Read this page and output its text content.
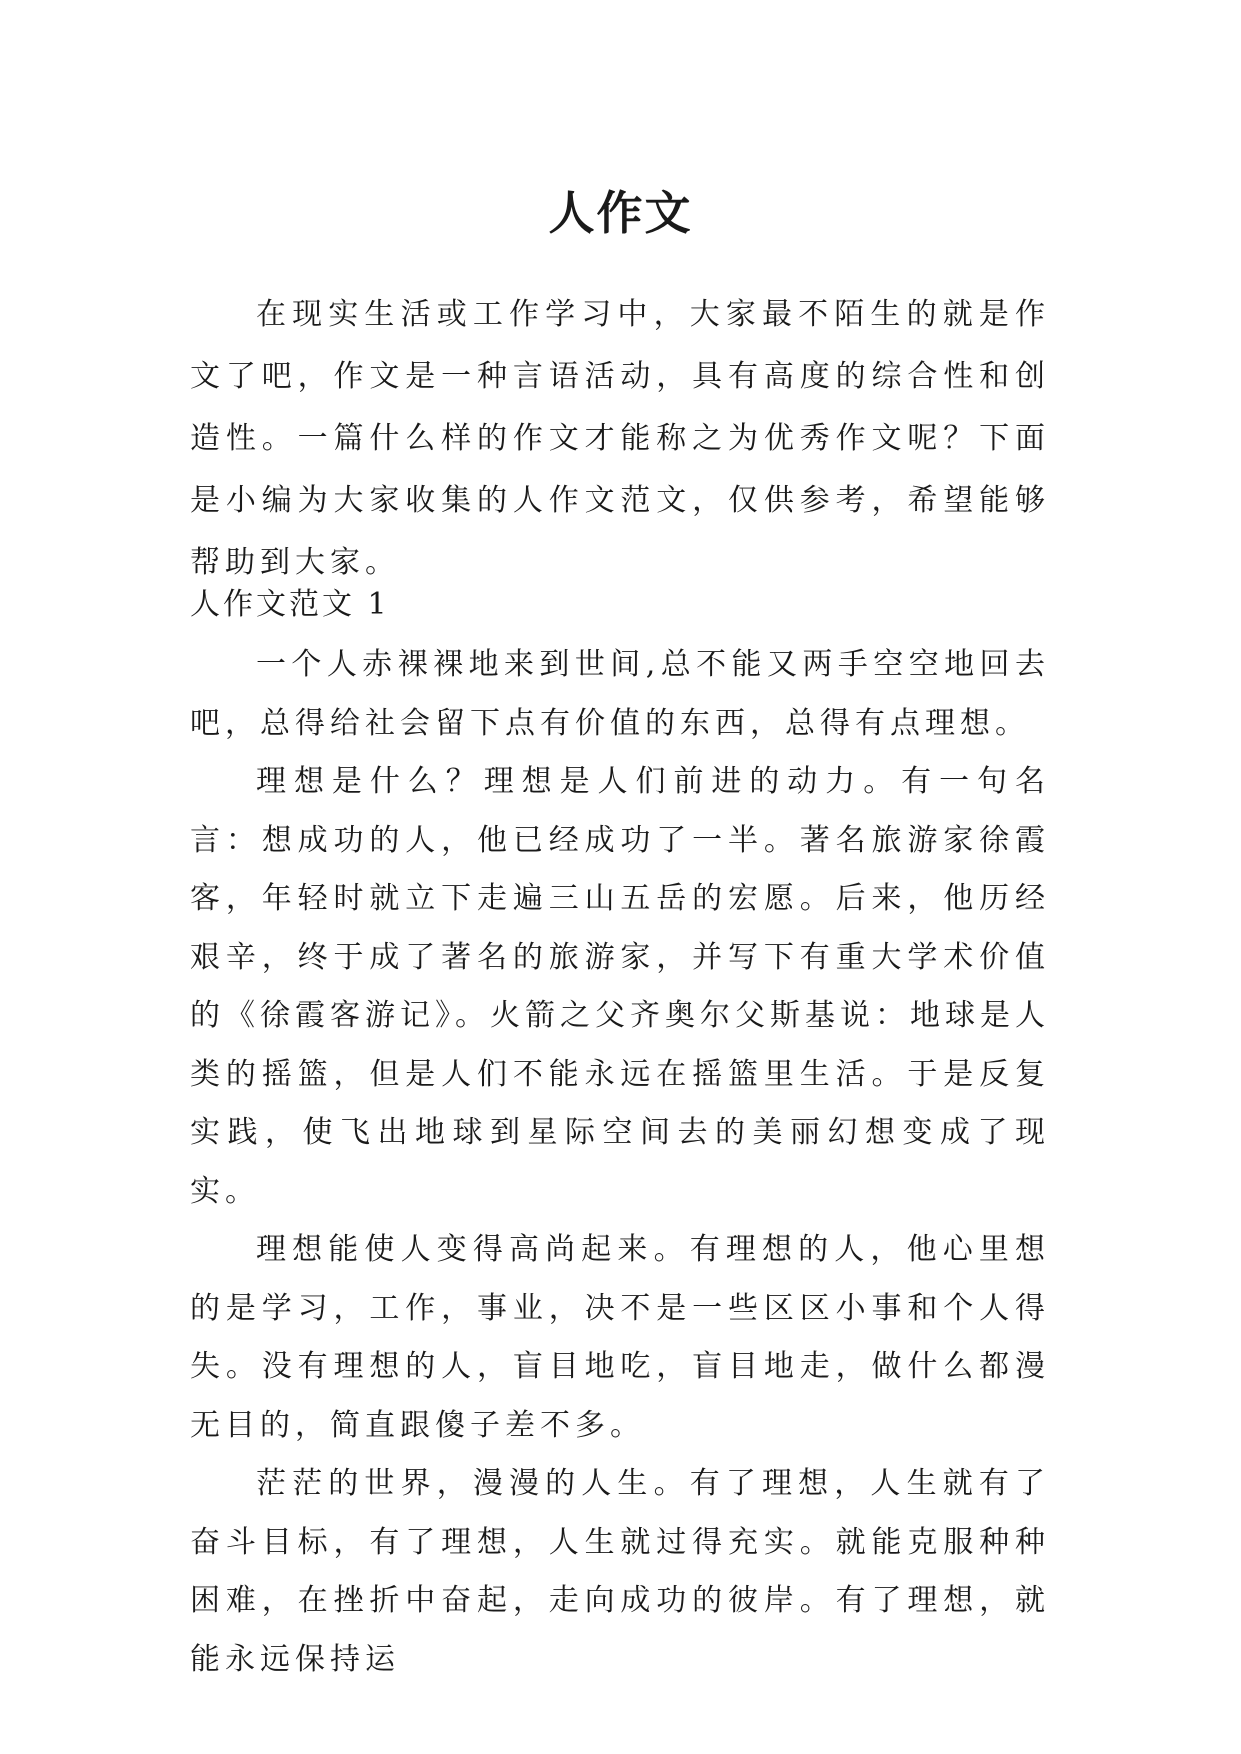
人作文

在现实生活或工作学习中，大家最不陌生的就是作文了吧，作文是一种言语活动，具有高度的综合性和创造性。一篇什么样的作文才能称之为优秀作文呢？下面是小编为大家收集的人作文范文，仅供参考，希望能够帮助到大家。

人作文范文 1

一个人赤裸裸地来到世间,总不能又两手空空地回去吧，总得给社会留下点有价值的东西，总得有点理想。

理想是什么？理想是人们前进的动力。有一句名言：想成功的人，他已经成功了一半。著名旅游家徐霞客，年轻时就立下走遍三山五岳的宏愿。后来，他历经艰辛，终于成了著名的旅游家，并写下有重大学术价值的《徐霞客游记》。火箭之父齐奥尔父斯基说：地球是人类的摇篮，但是人们不能永远在摇篮里生活。于是反复实践，使飞出地球到星际空间去的美丽幻想变成了现实。

理想能使人变得高尚起来。有理想的人，他心里想的是学习，工作，事业，决不是一些区区小事和个人得失。没有理想的人，盲目地吃，盲目地走，做什么都漫无目的，简直跟傻子差不多。

茫茫的世界，漫漫的人生。有了理想，人生就有了奋斗目标，有了理想，人生就过得充实。就能克服种种困难，在挫折中奋起，走向成功的彼岸。有了理想，就能永远保持运
